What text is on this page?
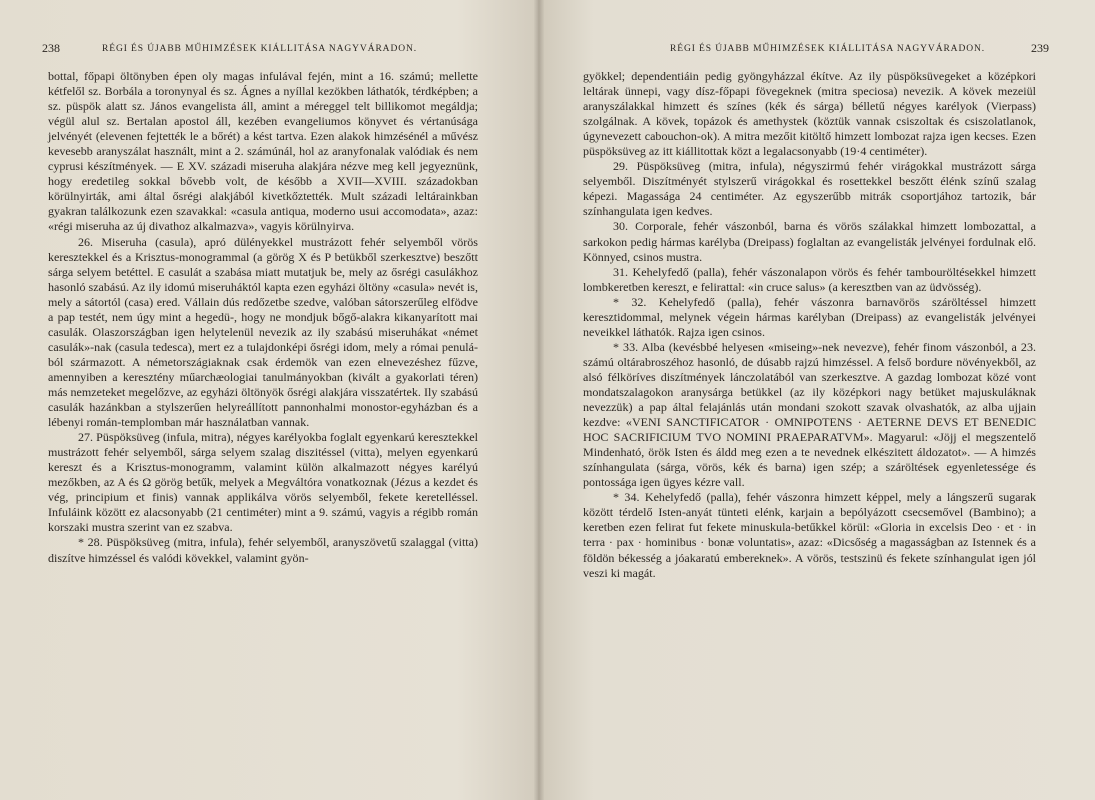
238	RÉGI ÉS ÚJABB MŰHIMZÉSEK KIÁLLITÁSA NAGYVÁRADON.

bottal, főpapi öltönyben épen oly magas infulával fején, mint a 16. számú; mellette kétfelől sz. Borbála a toronynyal és sz. Ágnes a nyíllal kezökben láthatók, térdképben; a sz. püspök alatt sz. János evangelista áll, amint a méreggel telt billikomot megáldja; végül alul sz. Bertalan apostol áll, kezében evangeliumos könyvet és vértanúsága jelvényét (elevenen fejtették le a bőrét) a kést tartva. Ezen alakok himzésénél a művész kevesebb aranyszálat használt, mint a 2. számúnál, hol az aranyfonalak valódiak és nem cyprusi készítmények. — E XV. századi miseruha alakjára nézve meg kell jegyeznünk, hogy eredetileg sokkal bővebb volt, de később a XVII—XVIII. századokban körülnyirták, ami által ősrégi alakjából kivetkőztették. Mult századi leltárainkban gyakran találkozunk ezen szavakkal: «casula antiqua, moderno usui accomodata», azaz: «régi miseruha az új divathoz alkalmazva», vagyis körülnyirva.

26. Miseruha (casula), apró dülényekkel mustrázott fehér selyemből vörös keresztekkel és a Krisztus-monogrammal (a görög X és P betükből szerkesztve) beszőtt sárga selyem betéttel. E casulát a szabása miatt mutatjuk be, mely az ősrégi casulákhoz hasonló szabású. Az ily idomú miseruháktól kapta ezen egyházi öltöny «casula» nevét is, mely a sátortól (casa) ered. Vállain dús redőzetbe szedve, valóban sátorszerűleg elfödve a pap testét, nem úgy mint a hegedü-, hogy ne mondjuk bőgő-alakra kikanyarított mai casulák. Olaszországban igen helytelenül nevezik az ily szabású miseruhákat «német casulák»-nak (casula tedesca), mert ez a tulajdonképi ősrégi idom, mely a római penulá-ból származott. A németországiaknak csak érdemök van ezen elnevezéshez fűzve, amennyiben a keresztény műarchæologiai tanulmányokban (kivált a gyakorlati téren) más nemzeteket megelőzve, az egyházi öltönyök ősrégi alakjára visszatértek. Ily szabású casulák hazánkban a stylszerűen helyreállított pannonhalmi monostor-egyházban és a lébenyi román-templomban már használatban vannak.

27. Püspöksüveg (infula, mitra), négyes karélyokba foglalt egyenkarú keresztekkel mustrázott fehér selyemből, sárga selyem szalag diszitéssel (vitta), melyen egyenkarú kereszt és a Krisztus-monogramm, valamint külön alkalmazott négyes karélyú mezőkben, az A és Ω görög betűk, melyek a Megváltóra vonatkoznak (Jézus a kezdet és vég, principium et finis) vannak applikálva vörös selyemből, fekete keretelléssel. Infuláink között ez alacsonyabb (21 centiméter) mint a 9. számú, vagyis a régibb román korszaki mustra szerint van ez szabva.

* 28. Püspöksüveg (mitra, infula), fehér selyemből, aranyszövetű szalaggal (vitta) diszítve himzéssel és valódi kövekkel, valamint gyön-

RÉGI ÉS ÚJABB MŰHIMZÉSEK KIÁLLITÁSA NAGYVÁRADON.	239

gyökkel; dependentiáin pedig gyöngyházzal ékítve. Az ily püspöksüvegeket a középkori leltárak ünnepi, vagy dísz-főpapi fövegeknek (mitra speciosa) nevezik. A kövek mezeiül aranyszálakkal himzett és színes (kék és sárga) bélletű négyes karélyok (Vierpass) szolgálnak. A kövek, topázok és amethystek (köztük vannak csiszoltak és csiszolatlanok, úgynevezett cabouchon-ok). A mitra mezőit kitöltő himzett lombozat rajza igen kecses. Ezen püspöksüveg az itt kiállitottak közt a legalacsonyabb (19·4 centiméter).

29. Püspöksüveg (mitra, infula), négyszirmú fehér virágokkal mustrázott sárga selyemből. Diszítményét stylszerű virágokkal és rosettekkel beszőtt élénk színű szalag képezi. Magassága 24 centiméter. Az egyszerűbb mitrák csoportjához tartozik, bár színhangulata igen kedves.

30. Corporale, fehér vászonból, barna és vörös szálakkal himzett lombozattal, a sarkokon pedig hármas karélyba (Dreipass) foglaltan az evangelisták jelvényei fordulnak elő. Könnyed, csinos mustra.

31. Kehelyfedő (palla), fehér vászonalapon vörös és fehér tambouröltésekkel himzett lombkeretben kereszt, e felirattal: «in cruce salus» (a keresztben van az üdvösség).

* 32. Kehelyfedő (palla), fehér vászonra barnavörös száröltéssel himzett keresztidommal, melynek végein hármas karélyban (Dreipass) az evangelisták jelvényei neveikkel láthatók. Rajza igen csinos.

* 33. Alba (kevésbbé helyesen «miseing»-nek nevezve), fehér finom vászonból, a 23. számú oltárabroszéhoz hasonló, de dúsabb rajzú himzéssel. A felső bordure növényekből, az alsó félköríves diszítmények lánczolatából van szerkesztve. A gazdag lombozat közé vont mondatszalagokon aranysárga betükkel (az ily középkori nagy betüket majuskuláknak nevezzük) a pap által felajánlás után mondani szokott szavak olvashatók, az alba ujjain kezdve: «VENI SANCTIFICATOR · OMNIPOTENS · AETERNE DEVS ET BENEDIC HOC SACRIFICIUM TVO NOMINI PRAEPARATVM». Magyarul: «Jöjj el megszentelő Mindenható, örök Isten és áldd meg ezen a te nevednek elkészitett áldozatot». — A himzés színhangulata (sárga, vörös, kék és barna) igen szép; a száröltések egyenletessége és pontossága igen ügyes kézre vall.

* 34. Kehelyfedő (palla), fehér vászonra himzett képpel, mely a lángszerű sugarak között térdelő Isten-anyát tünteti elénk, karjain a bepólyázott csecsemővel (Bambino); a keretben ezen felirat fut fekete minuskula-betűkkel körül: «Gloria in excelsis Deo · et · in terra · pax · hominibus · bonæ voluntatis», azaz: «Dicsőség a magasságban az Istennek és a földön békesség a jóakaratú embereknek». A vörös, testszinü és fekete színhangulat igen jól veszi ki magát.
